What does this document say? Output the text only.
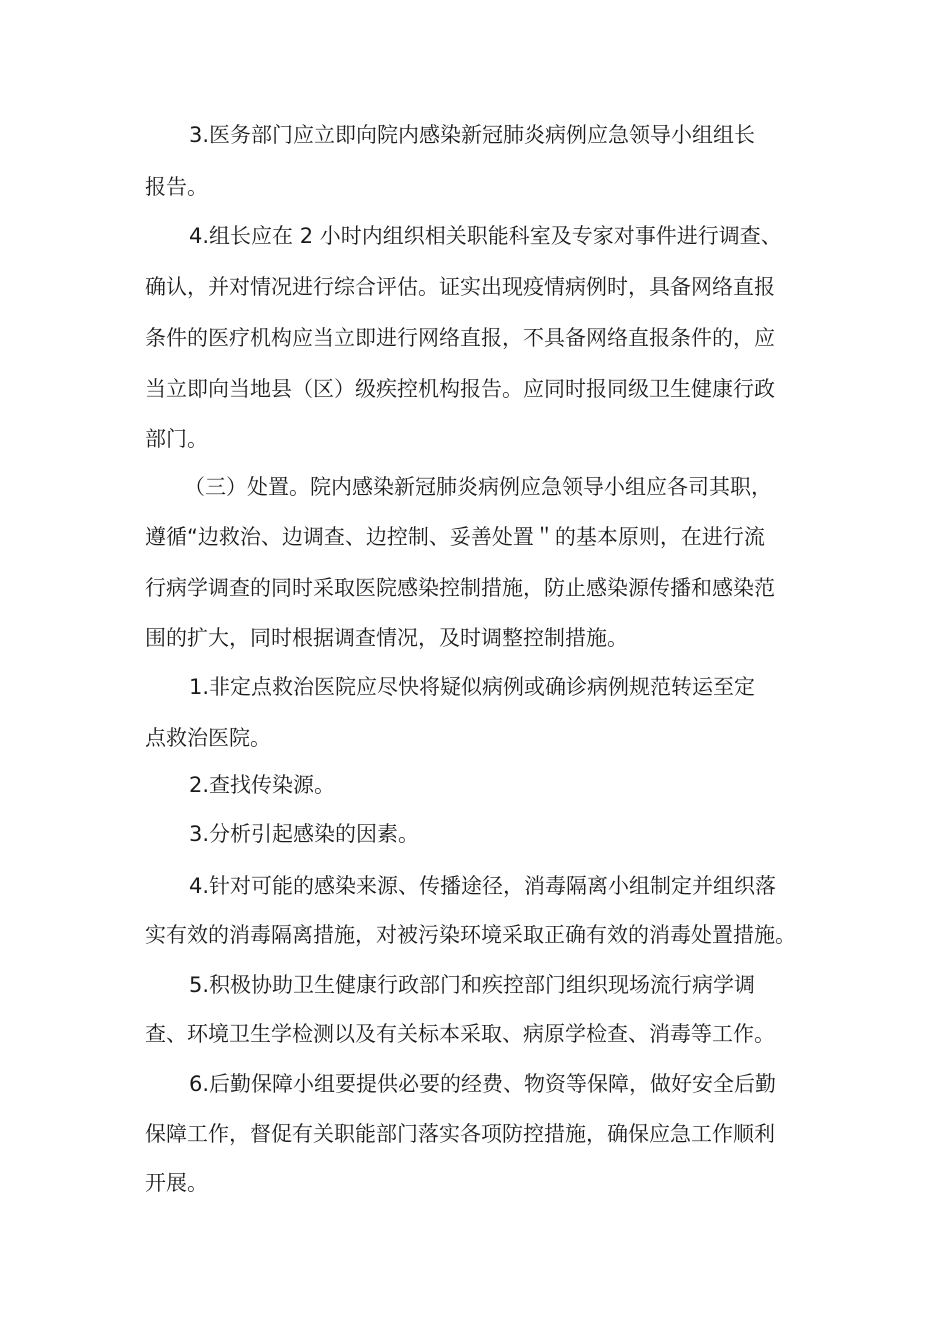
3.医务部门应立即向院内感染新冠肺炎病例应急领导小组组长
报告。
4.组长应在 2 小时内组织相关职能科室及专家对事件进行调查、
确认，并对情况进行综合评估。证实出现疫情病例时，具备网络直报
条件的医疗机构应当立即进行网络直报，不具备网络直报条件的，应
当立即向当地县（区）级疾控机构报告。应同时报同级卫生健康行政
部门。
（三）处置。院内感染新冠肺炎病例应急领导小组应各司其职，
遵循“边救治、边调查、边控制、妥善处置＂的基本原则，在进行流
行病学调查的同时采取医院感染控制措施，防止感染源传播和感染范
围的扩大，同时根据调查情况，及时调整控制措施。
1.非定点救治医院应尽快将疑似病例或确诊病例规范转运至定
点救治医院。
2.查找传染源。
3.分析引起感染的因素。
4.针对可能的感染来源、传播途径，消毒隔离小组制定并组织落
实有效的消毒隔离措施，对被污染环境采取正确有效的消毒处置措施。
5.积极协助卫生健康行政部门和疾控部门组织现场流行病学调
查、环境卫生学检测以及有关标本采取、病原学检查、消毒等工作。
6.后勤保障小组要提供必要的经费、物资等保障，做好安全后勤
保障工作，督促有关职能部门落实各项防控措施，确保应急工作顺利
开展。
